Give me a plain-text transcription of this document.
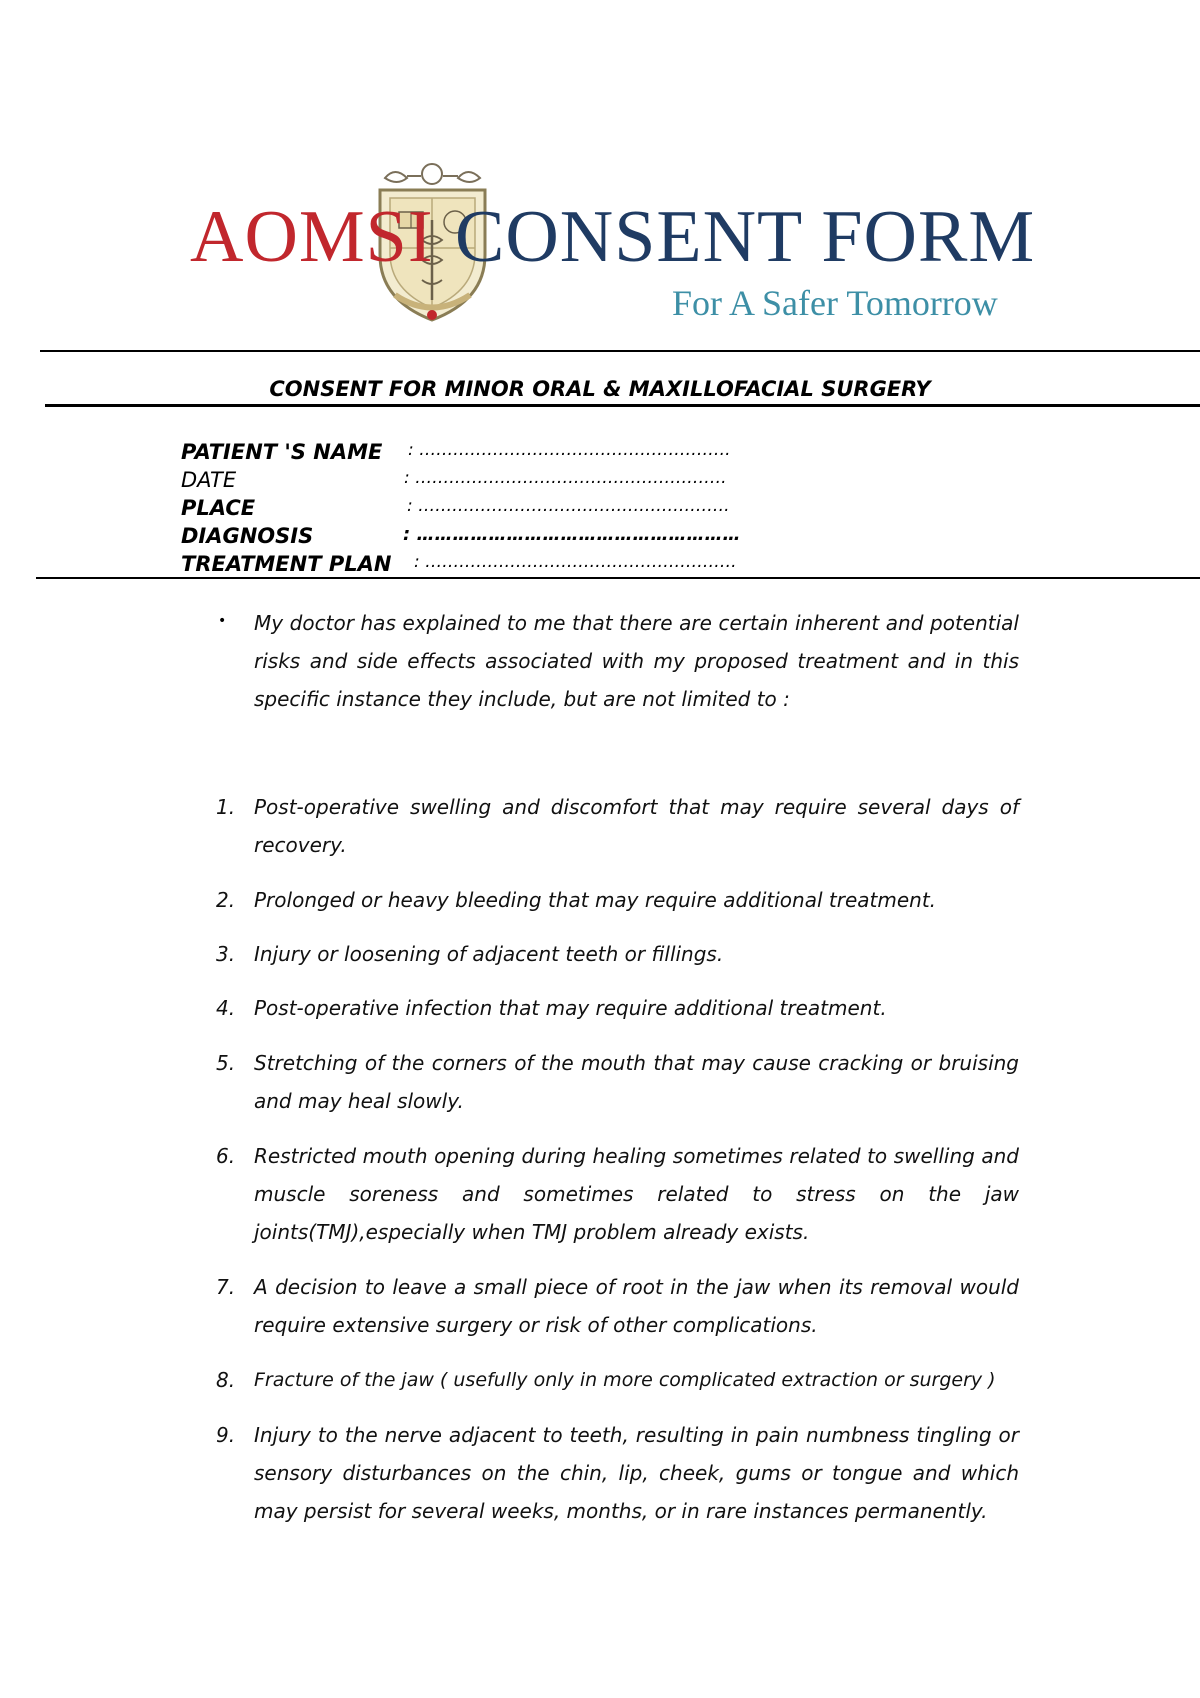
AOMSI CONSENT FORM
For A Safer Tomorrow
CONSENT FOR MINOR ORAL & MAXILLOFACIAL SURGERY
PATIENT 'S NAME : ……………………………………………….
DATE	: ……………………………………………….
PLACE	: ……………………………………………….
DIAGNOSIS	: ………………………………………………
TREATMENT PLAN : ……………………………………………….
• My doctor has explained to me that there are certain inherent and potential risks and side effects associated with my proposed treatment and in this specific instance they include, but are not limited to :
1. Post-operative swelling and discomfort that may require several days of recovery.
2. Prolonged or heavy bleeding that may require additional treatment.
3. Injury or loosening of adjacent teeth or fillings.
4. Post-operative infection that may require additional treatment.
5. Stretching of the corners of the mouth that may cause cracking or bruising and may heal slowly.
6. Restricted mouth opening during healing sometimes related to swelling and muscle soreness and sometimes related to stress on the jaw joints(TMJ),especially when TMJ problem already exists.
7. A decision to leave a small piece of root in the jaw when its removal would require extensive surgery or risk of other complications.
8. Fracture of the jaw ( usefully only in more complicated extraction or surgery )
9. Injury to the nerve adjacent to teeth, resulting in pain numbness tingling or sensory disturbances on the chin, lip, cheek, gums or tongue and which may persist for several weeks, months, or in rare instances permanently.
